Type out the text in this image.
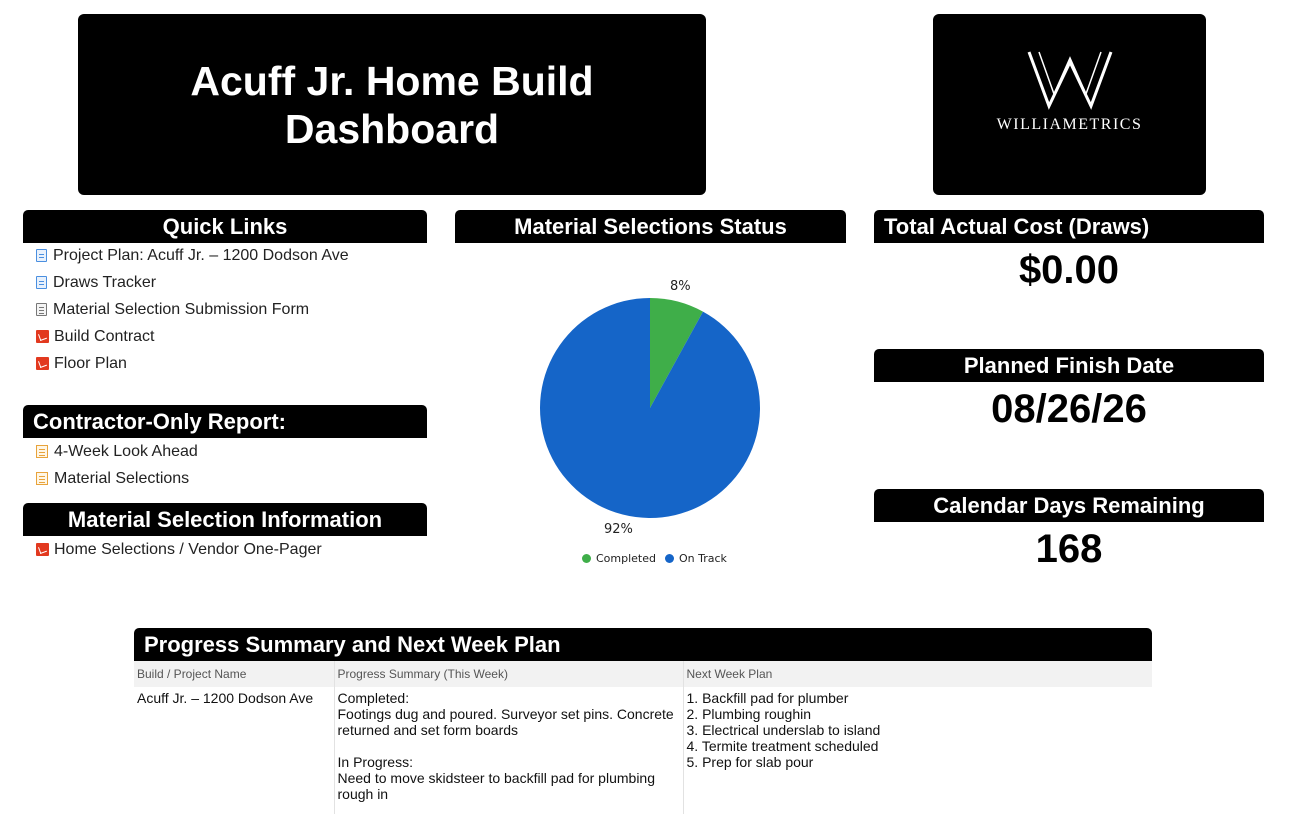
Acuff Jr. Home Build Dashboard	WILLIAMETRICS
Quick Links
Project Plan: Acuff Jr. – 1200 Dodson Ave
Draws Tracker
Material Selection Submission Form
Build Contract
Floor Plan
Contractor-Only Report:
4-Week Look Ahead
Material Selections
Material Selection Information
Home Selections / Vendor One-Pager
Material Selections Status
8%
92%
Completed On Track
Total Actual Cost (Draws)
$0.00
Planned Finish Date
08/26/26
Calendar Days Remaining
168
Progress Summary and Next Week Plan
Build / Project Name	Progress Summary (This Week)	Next Week Plan
Acuff Jr. – 1200 Dodson Ave	Completed:
Footings dug and poured. Surveyor set pins. Concrete returned and set form boards

In Progress:
Need to move skidsteer to backfill pad for plumbing rough in	1. Backfill pad for plumber
2. Plumbing roughin
3. Electrical underslab to island
4. Termite treatment scheduled
5. Prep for slab pour
